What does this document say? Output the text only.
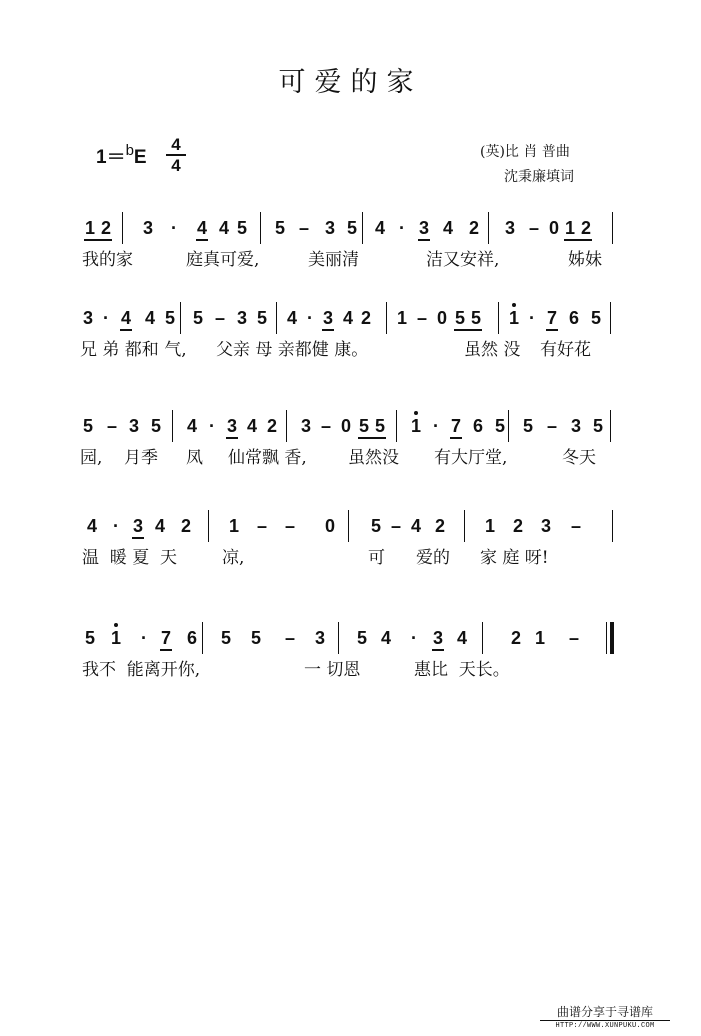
可爱的家
1＝$^b$E
4
4
(英)比 肖 普曲
沈秉廉填词
1 2 3 · 4 4 5 5 – 3 5 4 · 3 4 2 3 – 0 1 2
我的家	庭真可爱,	美丽清	洁又安祥,	姊妹
3 · 4 4 5 5 – 3 5 4 · 3 4 2 1 – 0 5 5 1 · 7 6 5
兄 弟 都和 气, 父亲 母 亲都健 康。	虽然 没 有好花
5 – 3 5 4 · 3 4 2 3 – 0 5 5 1 · 7 6 5 5 – 3 5
园, 月季 凤 仙常飘 香, 虽然没 有大厅堂,	冬天
4 · 3 4 2 1 – – 0 5 – 4 2 1 2 3 –
温  暖 夏  天	凉,	可 爱的 家 庭 呀!
5 1 · 7 6 5 5 – 3 5 4 · 3 4 2 1 –
我不  能离开你,	一 切恩	惠比  天长。
曲谱分享于寻谱库
HTTP://WWW.XUNPUKU.COM
